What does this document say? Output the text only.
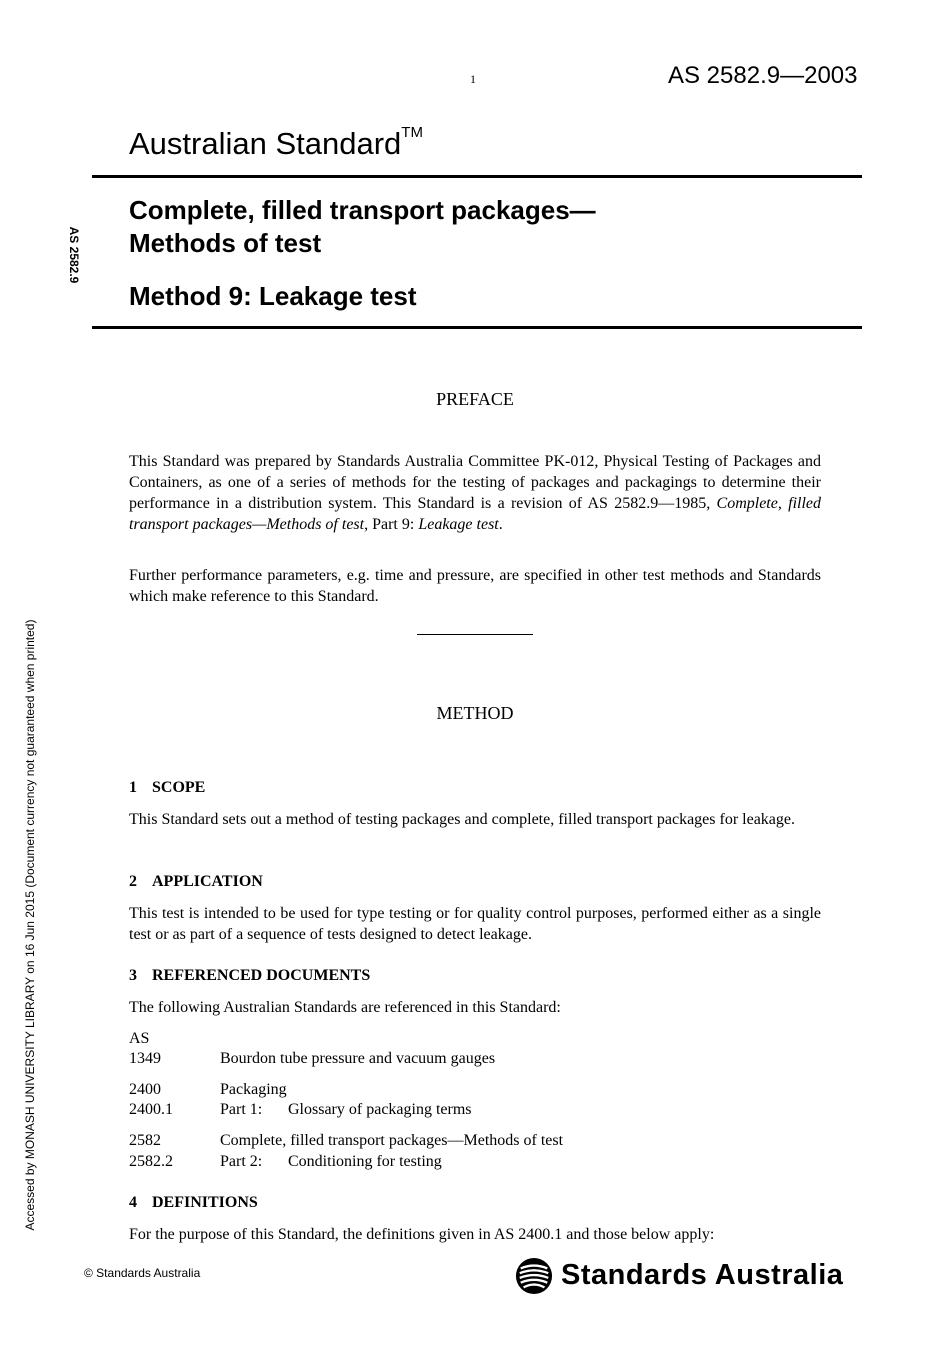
1	AS 2582.9—2003
Australian Standard™
AS 2582.9
Complete, filled transport packages—
Methods of test
Method 9: Leakage test
PREFACE
This Standard was prepared by Standards Australia Committee PK-012, Physical Testing of Packages and Containers, as one of a series of methods for the testing of packages and packagings to determine their performance in a distribution system. This Standard is a revision of AS 2582.9—1985, Complete, filled transport packages—Methods of test, Part 9: Leakage test.
Further performance parameters, e.g. time and pressure, are specified in other test methods and Standards which make reference to this Standard.
METHOD
1 SCOPE
This Standard sets out a method of testing packages and complete, filled transport packages for leakage.
2 APPLICATION
This test is intended to be used for type testing or for quality control purposes, performed either as a single test or as part of a sequence of tests designed to detect leakage.
3 REFERENCED DOCUMENTS
The following Australian Standards are referenced in this Standard:
AS
1349	Bourdon tube pressure and vacuum gauges
2400	Packaging
2400.1	Part 1: Glossary of packaging terms
2582	Complete, filled transport packages—Methods of test
2582.2	Part 2: Conditioning for testing
4 DEFINITIONS
For the purpose of this Standard, the definitions given in AS 2400.1 and those below apply:
Accessed by MONASH UNIVERSITY LIBRARY on 16 Jun 2015 (Document currency not guaranteed when printed)
© Standards Australia	Standards Australia
